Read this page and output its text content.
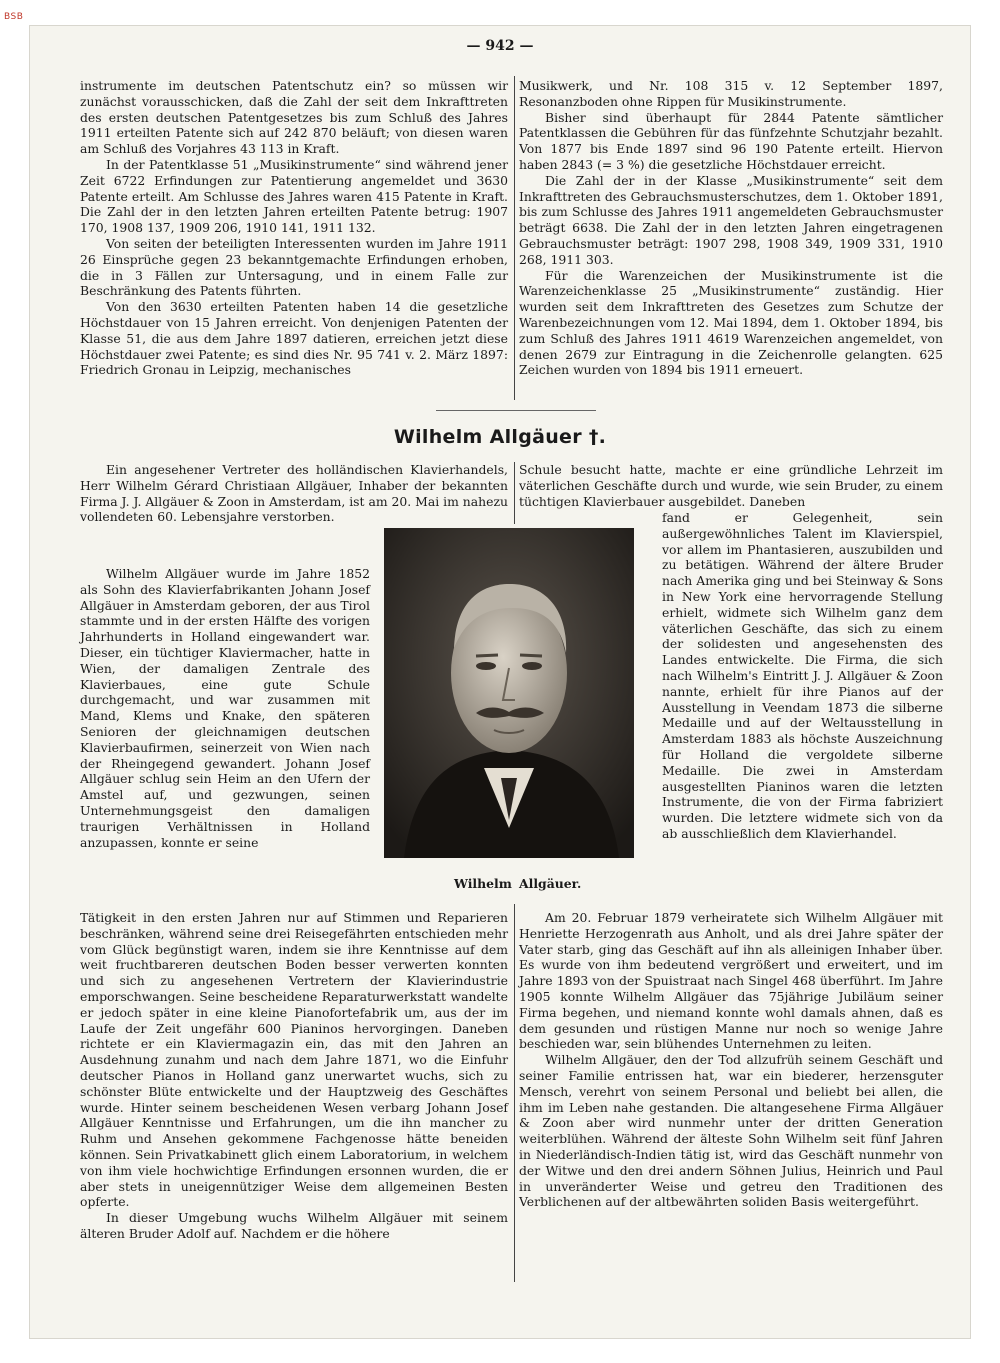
BSB
— 942 —

instrumente im deutschen Patentschutz ein? so müssen wir zunächst vorausschicken, daß die Zahl der seit dem Inkrafttreten des ersten deutschen Patentgesetzes bis zum Schluß des Jahres 1911 erteilten Patente sich auf 242 870 beläuft; von diesen waren am Schluß des Vorjahres 43 113 in Kraft.

In der Patentklasse 51 „Musikinstrumente“ sind während jener Zeit 6722 Erfindungen zur Patentierung angemeldet und 3630 Patente erteilt. Am Schlusse des Jahres waren 415 Patente in Kraft. Die Zahl der in den letzten Jahren erteilten Patente betrug: 1907 170, 1908 137, 1909 206, 1910 141, 1911 132.

Von seiten der beteiligten Interessenten wurden im Jahre 1911 26 Einsprüche gegen 23 bekanntgemachte Erfindungen erhoben, die in 3 Fällen zur Untersagung, und in einem Falle zur Beschränkung des Patents führten.

Von den 3630 erteilten Patenten haben 14 die gesetzliche Höchstdauer von 15 Jahren erreicht. Von denjenigen Patenten der Klasse 51, die aus dem Jahre 1897 datieren, erreichen jetzt diese Höchstdauer zwei Patente; es sind dies Nr. 95 741 v. 2. März 1897: Friedrich Gronau in Leipzig, mechanisches

Musikwerk, und Nr. 108 315 v. 12 September 1897, Resonanzboden ohne Rippen für Musikinstrumente.

Bisher sind überhaupt für 2844 Patente sämtlicher Patentklassen die Gebühren für das fünfzehnte Schutzjahr bezahlt. Von 1877 bis Ende 1897 sind 96 190 Patente erteilt. Hiervon haben 2843 (= 3 %) die gesetzliche Höchstdauer erreicht.

Die Zahl der in der Klasse „Musikinstrumente“ seit dem Inkrafttreten des Gebrauchsmusterschutzes, dem 1. Oktober 1891, bis zum Schlusse des Jahres 1911 angemeldeten Gebrauchsmuster beträgt 6638. Die Zahl der in den letzten Jahren eingetragenen Gebrauchsmuster beträgt: 1907 298, 1908 349, 1909 331, 1910 268, 1911 303.

Für die Warenzeichen der Musikinstrumente ist die Warenzeichenklasse 25 „Musikinstrumente“ zuständig. Hier wurden seit dem Inkrafttreten des Gesetzes zum Schutze der Warenbezeichnungen vom 12. Mai 1894, dem 1. Oktober 1894, bis zum Schluß des Jahres 1911 4619 Warenzeichen angemeldet, von denen 2679 zur Eintragung in die Zeichenrolle gelangten. 625 Zeichen wurden von 1894 bis 1911 erneuert.

Wilhelm Allgäuer †.

Ein angesehener Vertreter des holländischen Klavierhandels, Herr Wilhelm Gérard Christiaan Allgäuer, Inhaber der bekannten Firma J. J. Allgäuer & Zoon in Amsterdam, ist am 20. Mai im nahezu vollendeten 60. Lebensjahre verstorben.

Wilhelm Allgäuer wurde im Jahre 1852 als Sohn des Klavierfabrikanten Johann Josef Allgäuer in Amsterdam geboren, der aus Tirol stammte und in der ersten Hälfte des vorigen Jahrhunderts in Holland eingewandert war. Dieser, ein tüchtiger Klaviermacher, hatte in Wien, der damaligen Zentrale des Klavierbaues, eine gute Schule durchgemacht, und war zusammen mit Mand, Klems und Knake, den späteren Senioren der gleichnamigen deutschen Klavierbaufirmen, seinerzeit von Wien nach der Rheingegend gewandert. Johann Josef Allgäuer schlug sein Heim an den Ufern der Amstel auf, und gezwungen, seinen Unternehmungsgeist den damaligen traurigen Verhältnissen in Holland anzupassen, konnte er seine

Tätigkeit in den ersten Jahren nur auf Stimmen und Reparieren beschränken, während seine drei Reisegefährten entschieden mehr vom Glück begünstigt waren, indem sie ihre Kenntnisse auf dem weit fruchtbareren deutschen Boden besser verwerten konnten und sich zu angesehenen Vertretern der Klavierindustrie emporschwangen. Seine bescheidene Reparaturwerkstatt wandelte er jedoch später in eine kleine Pianofortefabrik um, aus der im Laufe der Zeit ungefähr 600 Pianinos hervorgingen. Daneben richtete er ein Klaviermagazin ein, das mit den Jahren an Ausdehnung zunahm und nach dem Jahre 1871, wo die Einfuhr deutscher Pianos in Holland ganz unerwartet wuchs, sich zu schönster Blüte entwickelte und der Hauptzweig des Geschäftes wurde. Hinter seinem bescheidenen Wesen verbarg Johann Josef Allgäuer Kenntnisse und Erfahrungen, um die ihn mancher zu Ruhm und Ansehen gekommene Fachgenosse hätte beneiden können. Sein Privatkabinett glich einem Laboratorium, in welchem von ihm viele hochwichtige Erfindungen ersonnen wurden, die er aber stets in uneigennütziger Weise dem allgemeinen Besten opferte.

In dieser Umgebung wuchs Wilhelm Allgäuer mit seinem älteren Bruder Adolf auf. Nachdem er die höhere

Wilhelm Allgäuer.

Schule besucht hatte, machte er eine gründliche Lehrzeit im väterlichen Geschäfte durch und wurde, wie sein Bruder, zu einem tüchtigen Klavierbauer ausgebildet. Daneben

fand er Gelegenheit, sein außergewöhnliches Talent im Klavierspiel, vor allem im Phantasieren, auszubilden und zu betätigen. Während der ältere Bruder nach Amerika ging und bei Steinway & Sons in New York eine hervorragende Stellung erhielt, widmete sich Wilhelm ganz dem väterlichen Geschäfte, das sich zu einem der solidesten und angesehensten des Landes entwickelte. Die Firma, die sich nach Wilhelm's Eintritt J. J. Allgäuer & Zoon nannte, erhielt für ihre Pianos auf der Ausstellung in Veendam 1873 die silberne Medaille und auf der Weltausstellung in Amsterdam 1883 als höchste Auszeichnung für Holland die vergoldete silberne Medaille. Die zwei in Amsterdam ausgestellten Pianinos waren die letzten Instrumente, die von der Firma fabriziert wurden. Die letztere widmete sich von da ab ausschließlich dem Klavierhandel.

Am 20. Februar 1879 verheiratete sich Wilhelm Allgäuer mit Henriette Herzogenrath aus Anholt, und als drei Jahre später der Vater starb, ging das Geschäft auf ihn als alleinigen Inhaber über. Es wurde von ihm bedeutend vergrößert und erweitert, und im Jahre 1893 von der Spuistraat nach Singel 468 überführt. Im Jahre 1905 konnte Wilhelm Allgäuer das 75jährige Jubiläum seiner Firma begehen, und niemand konnte wohl damals ahnen, daß es dem gesunden und rüstigen Manne nur noch so wenige Jahre beschieden war, sein blühendes Unternehmen zu leiten.

Wilhelm Allgäuer, den der Tod allzufrüh seinem Geschäft und seiner Familie entrissen hat, war ein biederer, herzensguter Mensch, verehrt von seinem Personal und beliebt bei allen, die ihm im Leben nahe gestanden. Die altangesehene Firma Allgäuer & Zoon aber wird nunmehr unter der dritten Generation weiterblühen. Während der älteste Sohn Wilhelm seit fünf Jahren in Niederländisch-Indien tätig ist, wird das Geschäft nunmehr von der Witwe und den drei andern Söhnen Julius, Heinrich und Paul in unveränderter Weise und getreu den Traditionen des Verblichenen auf der altbewährten soliden Basis weitergeführt.
